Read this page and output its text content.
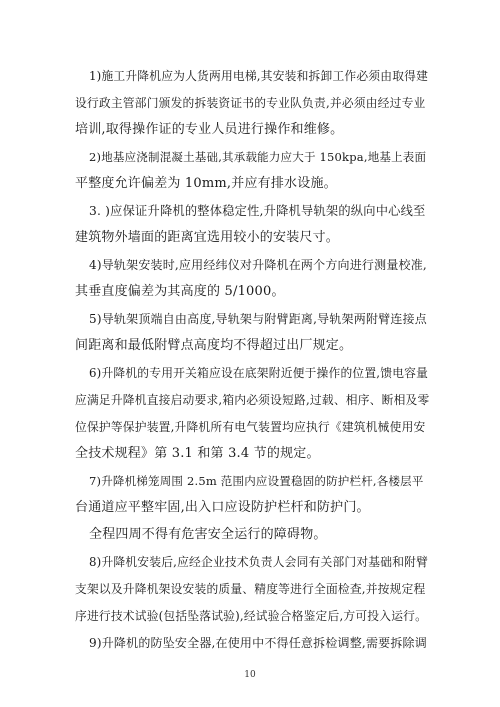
1)施工升降机应为人货两用电梯,其安装和拆卸工作必须由取得建
设行政主管部门颁发的拆装资证书的专业队负责,并必须由经过专业
培训,取得操作证的专业人员进行操作和维修。
2)地基应浇制混凝土基础,其承载能力应大于 150kpa,地基上表面
平整度允许偏差为 10mm,并应有排水设施。
3. )应保证升降机的整体稳定性,升降机导轨架的纵向中心线至
建筑物外墙面的距离宜选用较小的安装尺寸。
4)导轨架安装时,应用经纬仪对升降机在两个方向进行测量校准,
其垂直度偏差为其高度的 5/1000。
5)导轨架顶端自由高度,导轨架与附臂距离,导轨架两附臂连接点
间距离和最低附臂点高度均不得超过出厂规定。
6)升降机的专用开关箱应设在底架附近便于操作的位置,馈电容量
应满足升降机直接启动要求,箱内必须设短路,过载、相序、断相及零
位保护等保护装置,升降机所有电气装置均应执行《建筑机械使用安
全技术规程》第 3.1 和第 3.4 节的规定。
7)升降机梯笼周围 2.5m 范围内应设置稳固的防护栏杆,各楼层平
台通道应平整牢固,出入口应设防护栏杆和防护门。
全程四周不得有危害安全运行的障碍物。
8)升降机安装后,应经企业技术负责人会同有关部门对基础和附臂
支架以及升降机架设安装的质量、精度等进行全面检查,并按规定程
序进行技术试验(包括坠落试验),经试验合格鉴定后,方可投入运行。
9)升降机的防坠安全器,在使用中不得任意拆检调整,需要拆除调
10
